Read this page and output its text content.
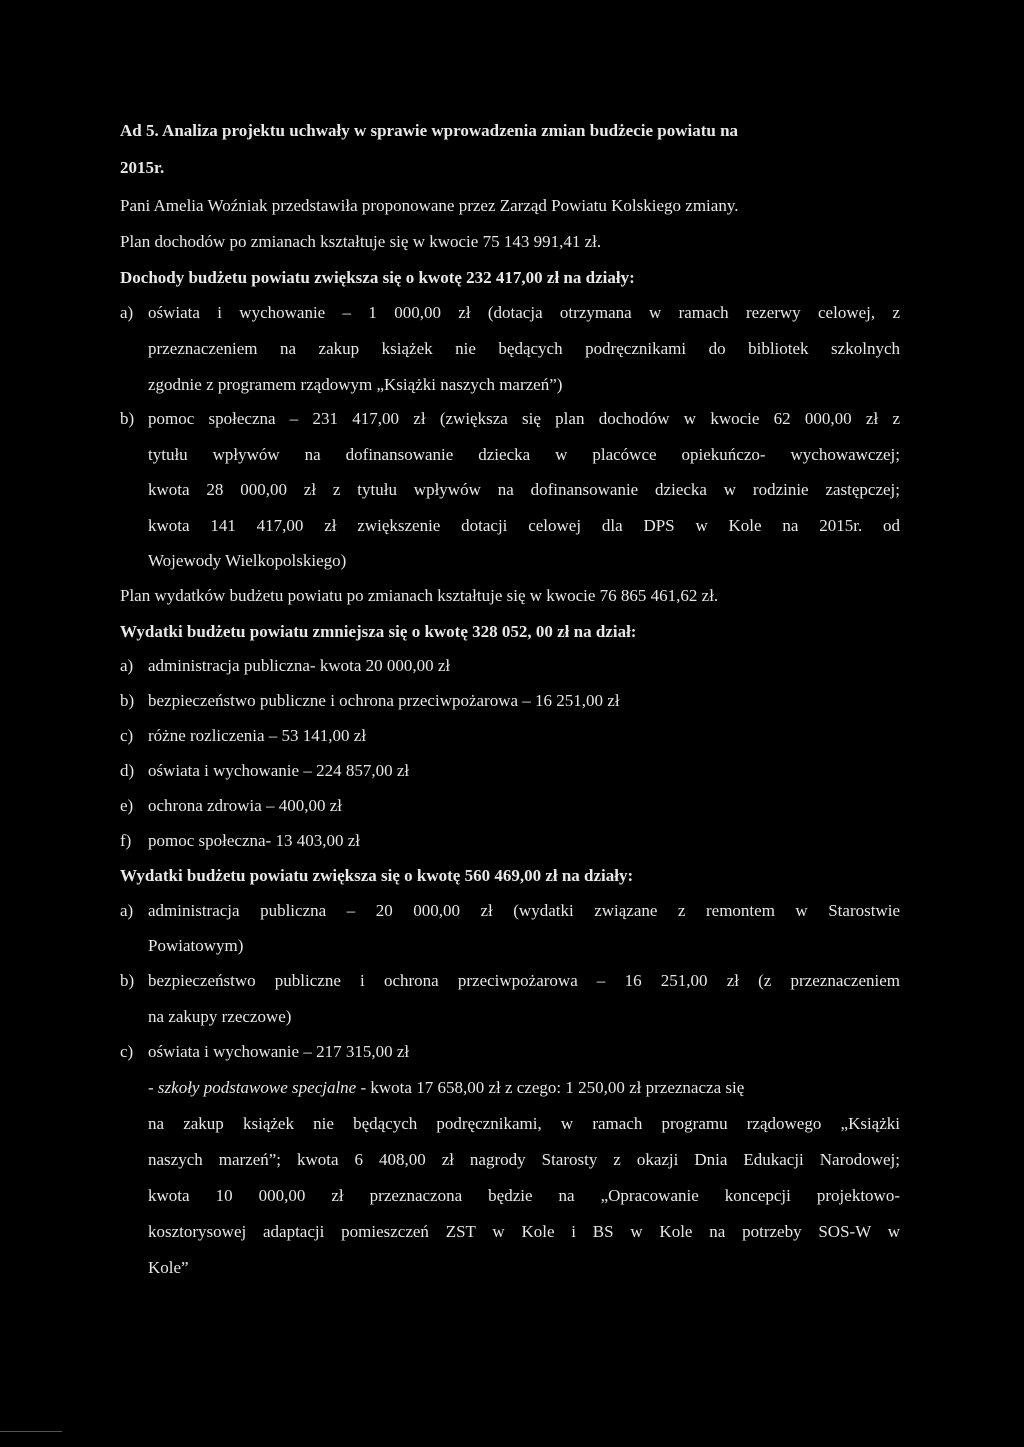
Ad 5. Analiza projektu uchwały w sprawie wprowadzenia zmian budżecie powiatu na
2015r.
Pani Amelia Woźniak przedstawiła proponowane przez Zarząd Powiatu Kolskiego zmiany.
Plan dochodów po zmianach kształtuje się w kwocie 75 143 991,41 zł.
Dochody budżetu powiatu zwiększa się o kwotę 232 417,00 zł na działy:
a) oświata i wychowanie – 1 000,00 zł (dotacja otrzymana w ramach rezerwy celowej, z
przeznaczeniem na zakup książek nie będących podręcznikami do bibliotek szkolnych
zgodnie z programem rządowym „Książki naszych marzeń”)
b) pomoc społeczna – 231 417,00 zł (zwiększa się plan dochodów w kwocie 62 000,00 zł z
tytułu wpływów na dofinansowanie dziecka w placówce opiekuńczo- wychowawczej;
kwota 28 000,00 zł z tytułu wpływów na dofinansowanie dziecka w rodzinie zastępczej;
kwota 141 417,00 zł zwiększenie dotacji celowej dla DPS w Kole na 2015r. od
Wojewody Wielkopolskiego)
Plan wydatków budżetu powiatu po zmianach kształtuje się w kwocie 76 865 461,62 zł.
Wydatki budżetu powiatu zmniejsza się o kwotę 328 052, 00 zł na dział:
a) administracja publiczna- kwota 20 000,00 zł
b) bezpieczeństwo publiczne i ochrona przeciwpożarowa – 16 251,00 zł
c) różne rozliczenia – 53 141,00 zł
d) oświata i wychowanie – 224 857,00 zł
e) ochrona zdrowia – 400,00 zł
f) pomoc społeczna- 13 403,00 zł
Wydatki budżetu powiatu zwiększa się o kwotę 560 469,00 zł na działy:
a) administracja publiczna – 20 000,00 zł (wydatki związane z remontem w Starostwie
Powiatowym)
b) bezpieczeństwo publiczne i ochrona przeciwpożarowa – 16 251,00 zł (z przeznaczeniem
na zakupy rzeczowe)
c) oświata i wychowanie – 217 315,00 zł
- szkoły podstawowe specjalne - kwota 17 658,00 zł z czego: 1 250,00 zł przeznacza się
na zakup książek nie będących podręcznikami, w ramach programu rządowego „Książki
naszych marzeń”; kwota 6 408,00 zł nagrody Starosty z okazji Dnia Edukacji Narodowej;
kwota 10 000,00 zł przeznaczona będzie na „Opracowanie koncepcji projektowo-
kosztorysowej adaptacji pomieszczeń ZST w Kole i BS w Kole na potrzeby SOS-W w
Kole”
